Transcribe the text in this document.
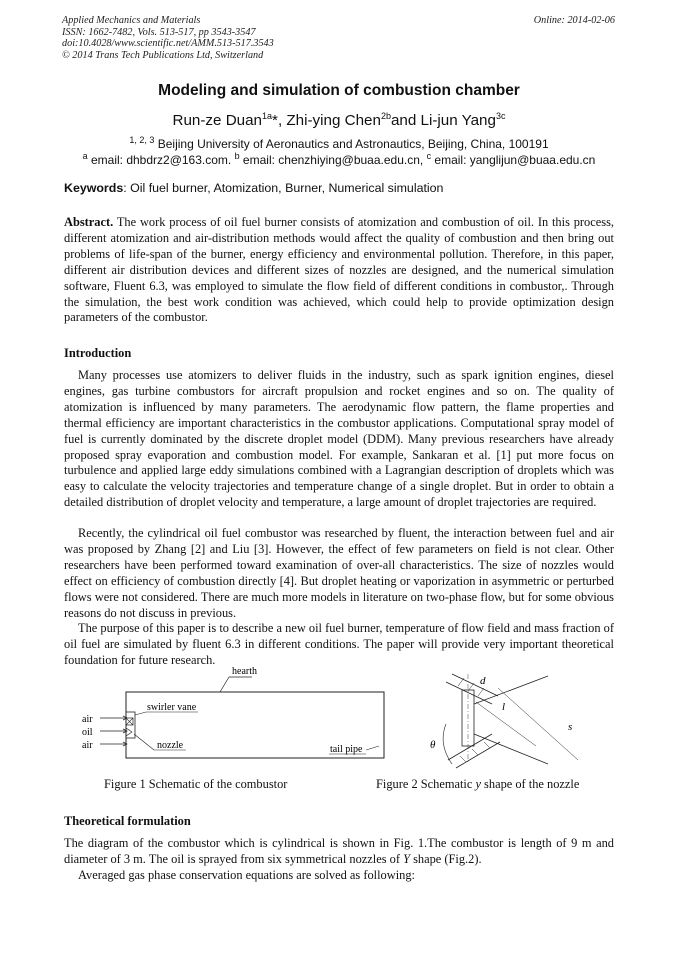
Applied Mechanics and Materials
ISSN: 1662-7482, Vols. 513-517, pp 3543-3547
doi:10.4028/www.scientific.net/AMM.513-517.3543
© 2014 Trans Tech Publications Ltd, Switzerland
Online: 2014-02-06
Modeling and simulation of combustion chamber
Run-ze Duan$^{1a}$*, Zhi-ying Chen$^{2b}$and Li-jun Yang$^{3c}$
$^{1, 2, 3}$ Beijing University of Aeronautics and Astronautics, Beijing, China, 100191
$^a$ email: dhbdrz2@163.com. $^b$ email: chenzhiying@buaa.edu.cn, $^c$ email: yanglijun@buaa.edu.cn
Keywords: Oil fuel burner, Atomization, Burner, Numerical simulation

Abstract. The work process of oil fuel burner consists of atomization and combustion of oil. In this process, different atomization and air-distribution methods would affect the quality of combustion and then bring out problems of life-span of the burner, energy efficiency and environmental pollution. Therefore, in this paper, different air distribution devices and different sizes of nozzles are designed, and the numerical simulation software, Fluent 6.3, was employed to simulate the flow field of different conditions in combustor,. Through the simulation, the best work condition was achieved, which could help to provide optimization design parameters of the combustor.

Introduction

Many processes use atomizers to deliver fluids in the industry, such as spark ignition engines, diesel engines, gas turbine combustors for aircraft propulsion and rocket engines and so on. The quality of atomization is influenced by many parameters. The aerodynamic flow pattern, the flame properties and thermal efficiency are important characteristics in the combustor applications. Computational spray model of fuel is currently dominated by the discrete droplet model (DDM). Many previous researchers have already proposed spray evaporation and combustion model. For example, Sankaran et al. [1] put more focus on turbulence and applied large eddy simulations combined with a Lagrangian description of droplets which was easy to calculate the velocity trajectories and temperature change of a single droplet. But in order to obtain a detailed distribution of droplet velocity and temperature, a large amount of droplet trajectories are required.

Recently, the cylindrical oil fuel combustor was researched by fluent, the interaction between fuel and air was proposed by Zhang [2] and Liu [3]. However, the effect of few parameters on field is not clear. Other researchers have been performed toward examination of over-all characteristics. The size of nozzles would effect on efficiency of combustion directly [4]. But droplet heating or vaporization in asymmetric or perturbed flows were not considered. There are much more models in literature on two-phase flow, but for some obvious reasons do not discuss in previous.

The purpose of this paper is to describe a new oil fuel burner, temperature of flow field and mass fraction of oil fuel are simulated by fluent 6.3 in different conditions. The paper will provide very important theoretical foundation for future research.

hearth
swirler vane
nozzle	tail pipe
air
oil
air
Figure 1 Schematic of the combustor
l
d
s
θ
Figure 2 Schematic y shape of the nozzle
Theoretical formulation

The diagram of the combustor which is cylindrical is shown in Fig. 1.The combustor is length of 9 m and diameter of 3 m. The oil is sprayed from six symmetrical nozzles of Y shape (Fig.2).

Averaged gas phase conservation equations are solved as following:
